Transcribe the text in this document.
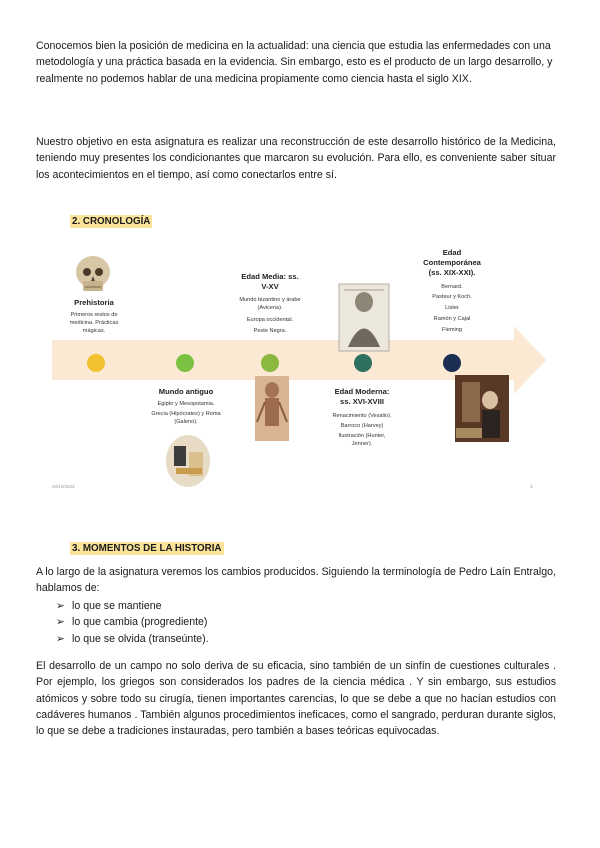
Conocemos bien la posición de medicina en la actualidad: una ciencia que estudia las enfermedades con una metodología y una práctica basada en la evidencia. Sin embargo, esto es el producto de un largo desarrollo, y realmente no podemos hablar de una medicina propiamente como ciencia hasta el siglo XIX.

Nuestro objetivo en esta asignatura es realizar una reconstrucción de este desarrollo histórico de la Medicina, teniendo muy presentes los condicionantes que marcaron su evolución. Para ello, es conveniente saber situar los acontecimientos en el tiempo, así como conectarlos entre sí.

2. CRONOLOGÍA
Prehistoria
Primeros restos de medicina. Prácticas mágicas.
Mundo antiguo
Egipto y Mesopotamia.
Grecia (Hipócrates) y Roma (Galeno).
Edad Media: ss.
V-XV
Mundo bizantino y árabe (Avicena).
Europa occidental.
Peste Negra.
Edad Moderna:
ss. XVI-XVIII
Renacimiento (Vesalio).
Barroco (Harvey)
Ilustración (Hunter, Jenner).
Edad
Contemporánea
(ss. XIX-XXI).
Bernard.
Pasteur y Koch.
Lister
Ramón y Cajal
Fleming
20/10/2023	3
3. MOMENTOS DE LA HISTORIA

A lo largo de la asignatura veremos los cambios producidos. Siguiendo la terminología de Pedro Laín Entralgo, hablamos de:

➢ lo que se mantiene
➢ lo que cambia (progrediente)
➢ lo que se olvida (transeúnte).

El desarrollo de un campo no solo deriva de su eficacia, sino también de un sinfín de cuestiones culturales . Por ejemplo, los griegos son considerados los padres de la ciencia médica . Y sin embargo, sus estudios atómicos y sobre todo su cirugía, tienen importantes carencias, lo que se debe a que no hacían estudios con cadáveres humanos . También algunos procedimientos ineficaces, como el sangrado, perduran durante siglos, lo que se debe a tradiciones instauradas, pero también a bases teóricas equivocadas.
